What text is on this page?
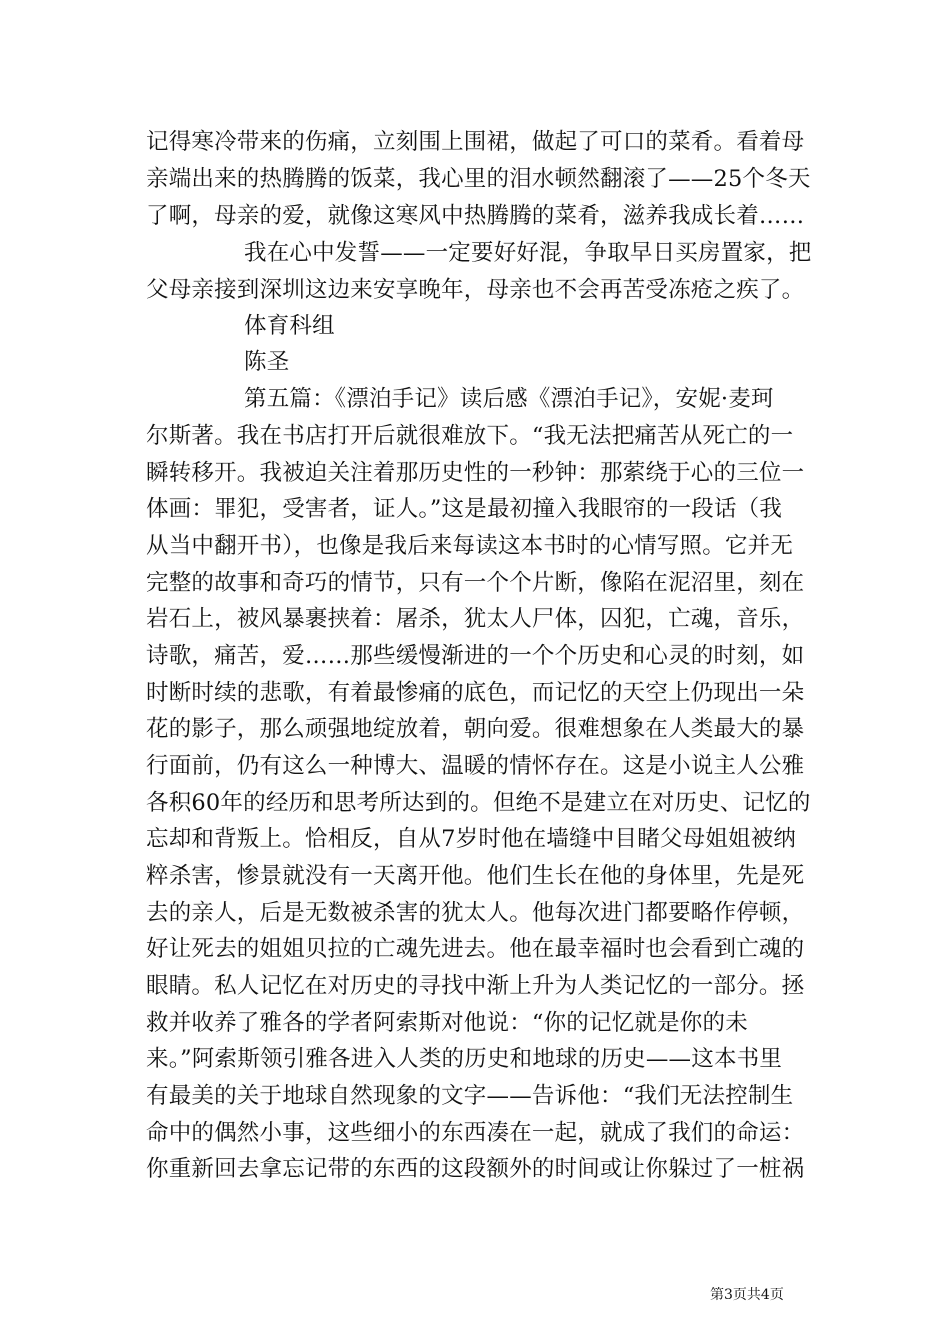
记得寒冷带来的伤痛，立刻围上围裙，做起了可口的菜肴。看着母
亲端出来的热腾腾的饭菜，我心里的泪水顿然翻滚了——25个冬天
了啊，母亲的爱，就像这寒风中热腾腾的菜肴，滋养我成长着……
我在心中发誓——一定要好好混，争取早日买房置家，把
父母亲接到深圳这边来安享晚年，母亲也不会再苦受冻疮之疾了。
体育科组
陈圣
第五篇：《漂泊手记》读后感《漂泊手记》，安妮·麦珂
尔斯著。我在书店打开后就很难放下。“我无法把痛苦从死亡的一
瞬转移开。我被迫关注着那历史性的一秒钟：那萦绕于心的三位一
体画：罪犯，受害者，证人。”这是最初撞入我眼帘的一段话（我
从当中翻开书），也像是我后来每读这本书时的心情写照。它并无
完整的故事和奇巧的情节，只有一个个片断，像陷在泥沼里，刻在
岩石上，被风暴裹挟着：屠杀，犹太人尸体，囚犯，亡魂，音乐，
诗歌，痛苦，爱……那些缓慢渐进的一个个历史和心灵的时刻，如
时断时续的悲歌，有着最惨痛的底色，而记忆的天空上仍现出一朵
花的影子，那么顽强地绽放着，朝向爱。很难想象在人类最大的暴
行面前，仍有这么一种博大、温暖的情怀存在。这是小说主人公雅
各积60年的经历和思考所达到的。但绝不是建立在对历史、记忆的
忘却和背叛上。恰相反，自从7岁时他在墙缝中目睹父母姐姐被纳
粹杀害，惨景就没有一天离开他。他们生长在他的身体里，先是死
去的亲人，后是无数被杀害的犹太人。他每次进门都要略作停顿，
好让死去的姐姐贝拉的亡魂先进去。他在最幸福时也会看到亡魂的
眼睛。私人记忆在对历史的寻找中渐上升为人类记忆的一部分。拯
救并收养了雅各的学者阿索斯对他说：“你的记忆就是你的未
来。”阿索斯领引雅各进入人类的历史和地球的历史——这本书里
有最美的关于地球自然现象的文字——告诉他：“我们无法控制生
命中的偶然小事，这些细小的东西凑在一起，就成了我们的命运：
你重新回去拿忘记带的东西的这段额外的时间或让你躲过了一桩祸
第3页共4页
